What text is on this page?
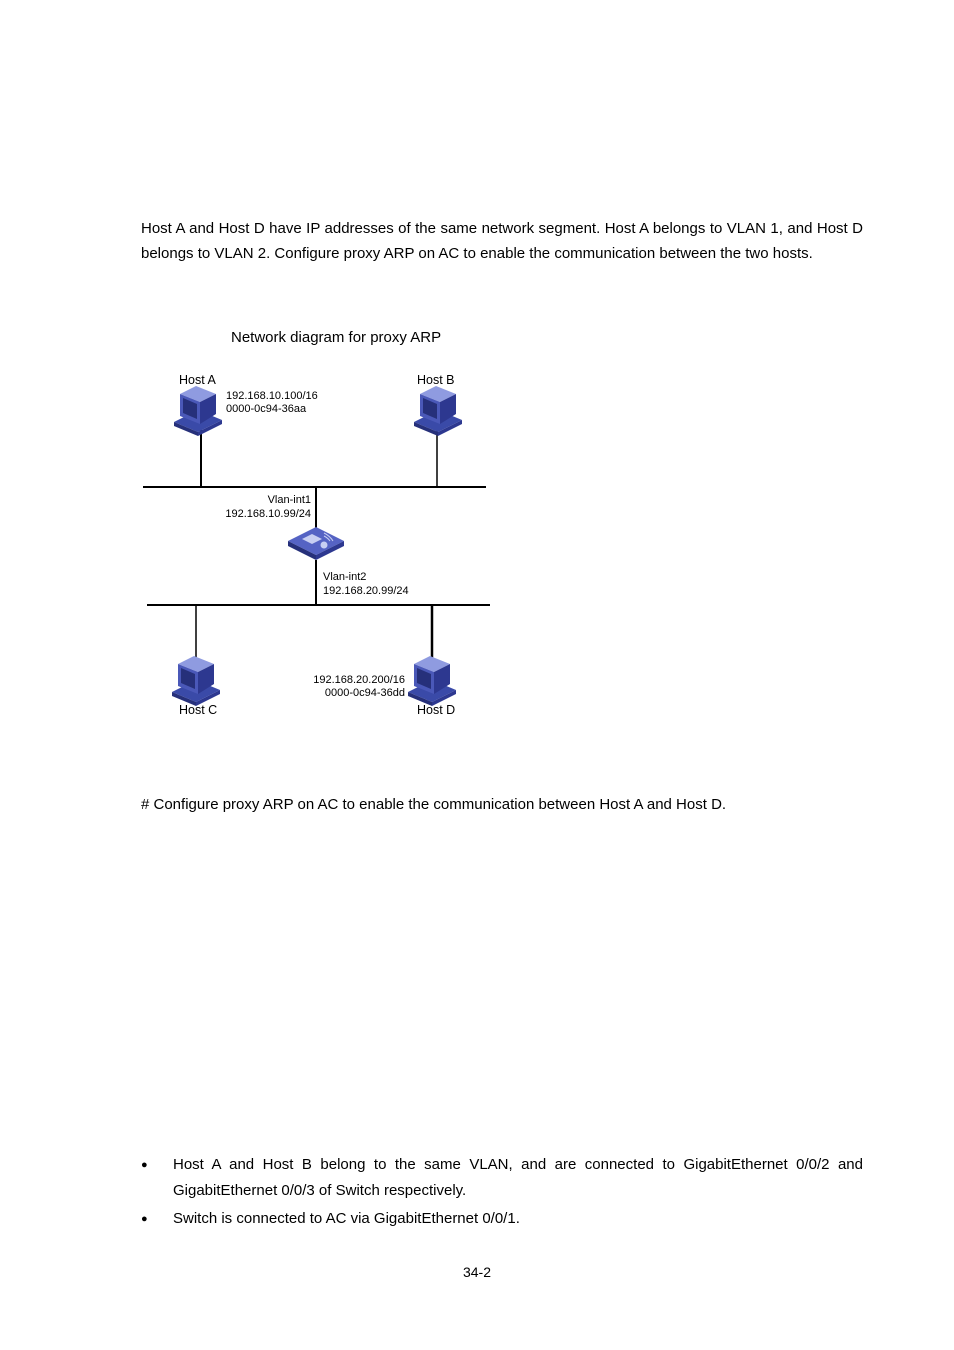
Host A and Host D have IP addresses of the same network segment. Host A belongs to VLAN 1, and Host D belongs to VLAN 2. Configure proxy ARP on AC to enable the communication between the two hosts.

Network diagram for proxy ARP

Host A
192.168.10.100/16
0000-0c94-36aa
Host B
Vlan-int1
192.168.10.99/24
Vlan-int2
192.168.20.99/24
192.168.20.200/16
0000-0c94-36dd
Host C	Host D

# Configure proxy ARP on AC to enable the communication between Host A and Host D.

● Host A and Host B belong to the same VLAN, and are connected to GigabitEthernet 0/0/2 and GigabitEthernet 0/0/3 of Switch respectively.
● Switch is connected to AC via GigabitEthernet 0/0/1.

34-2
